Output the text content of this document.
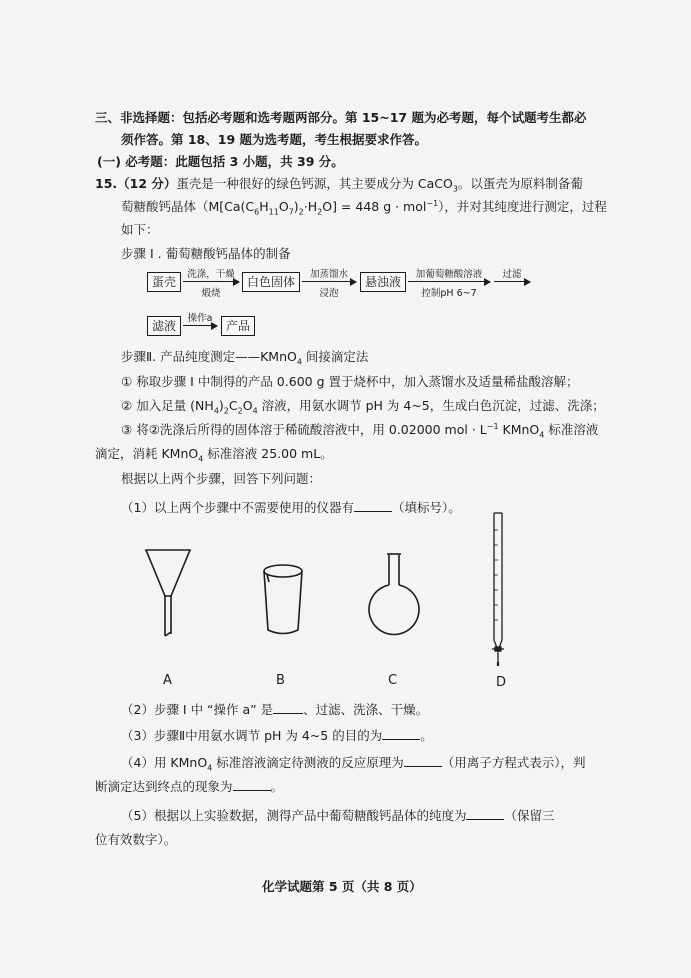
三、非选择题：包括必考题和选考题两部分。第 15~17 题为必考题，每个试题考生都必
须作答。第 18、19 题为选考题，考生根据要求作答。
(一) 必考题：此题包括 3 小题，共 39 分。
15.（12 分）蛋壳是一种很好的绿色钙源，其主要成分为 CaCO$_3$。以蛋壳为原料制备葡
萄糖酸钙晶体（$M[Ca(C_6H_{11}O_7)_2\cdot H_2O] = 448$ g · mol$^{-1}$），并对其纯度进行测定，过程
如下：
步骤 I . 葡萄糖酸钙晶体的制备
蛋壳
洗涤，干燥
煅烧
白色固体
加蒸馏水
浸泡
悬浊液
加葡萄糖酸溶液
控制pH 6~7
过滤
滤液
操作a
产品
步骤Ⅱ. 产品纯度测定——KMnO$_4$ 间接滴定法
① 称取步骤 I 中制得的产品 0.600 g 置于烧杯中，加入蒸馏水及适量稀盐酸溶解；
② 加入足量 $(NH_4)_2C_2O_4$ 溶液，用氨水调节 pH 为 4~5，生成白色沉淀，过滤、洗涤；
③ 将②洗涤后所得的固体溶于稀硫酸溶液中，用 0.02000 mol · $L^{-1}$ KMnO$_4$ 标准溶液
滴定，消耗 KMnO$_4$ 标准溶液 25.00 mL。
根据以上两个步骤，回答下列问题：
（1）以上两个步骤中不需要使用的仪器有	（填标号）。
A	B	C	D
（2）步骤 I 中 “操作 a” 是 、过滤、洗涤、干燥。
（3）步骤Ⅱ中用氨水调节 pH 为 4~5 的目的为	。
（4）用 KMnO$_4$ 标准溶液滴定待测液的反应原理为	（用离子方程式表示），判
断滴定达到终点的现象为	。
（5）根据以上实验数据，测得产品中葡萄糖酸钙晶体的纯度为	（保留三
位有效数字）。
化学试题第 5 页（共 8 页）
